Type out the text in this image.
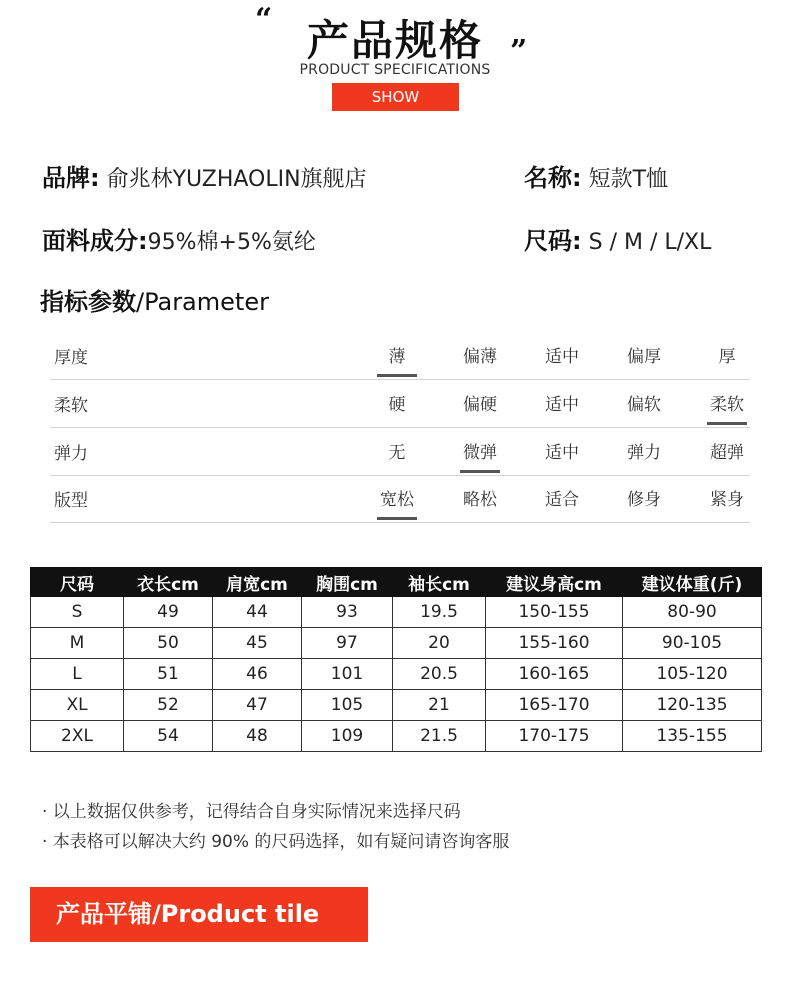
“ 产品规格 ”
PRODUCT SPECIFICATIONS
SHOW
品牌: 俞兆林YUZHAOLIN旗舰店	名称: 短款T恤
面料成分:95%棉+5%氨纶	尺码: S / M / L/XL
指标参数/Parameter
厚度	薄	偏薄	适中	偏厚	厚
柔软	硬	偏硬	适中	偏软	柔软
弹力	无	微弹	适中	弹力	超弹
版型	宽松	略松	适合	修身	紧身
尺码	衣长cm	肩宽cm	胸围cm	袖长cm	建议身高cm	建议体重(斤)
S	49	44	93	19.5	150-155	80-90
M	50	45	97	20	155-160	90-105
L	51	46	101	20.5	160-165	105-120
XL	52	47	105	21	165-170	120-135
2XL	54	48	109	21.5	170-175	135-155
· 以上数据仅供参考，记得结合自身实际情况来选择尺码
· 本表格可以解决大约 90% 的尺码选择，如有疑问请咨询客服
产品平铺/Product tile
